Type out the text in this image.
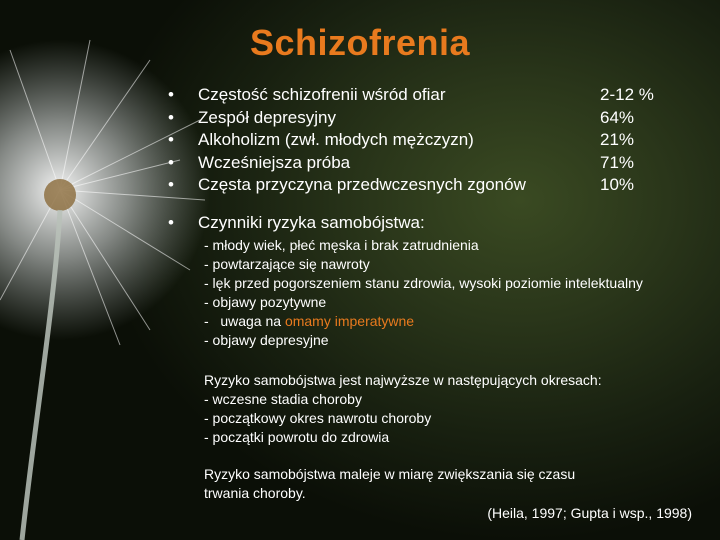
Schizofrenia
•	Częstość schizofrenii wśród ofiar	2-12 %
•	Zespół depresyjny	64%
•	Alkoholizm (zwł. młodych mężczyzn)	21%
•	Wcześniejsza próba	71%
•	Częsta przyczyna przedwczesnych zgonów	10%
• Czynniki ryzyka samobójstwa:
- młody wiek, płeć męska i brak zatrudnienia
- powtarzające się nawroty
- lęk przed pogorszeniem stanu zdrowia, wysoki poziomie intelektualny
- objawy pozytywne
-   uwaga na omamy imperatywne
- objawy depresyjne
Ryzyko samobójstwa jest najwyższe w następujących okresach:
- wczesne stadia choroby
- początkowy okres nawrotu choroby
- początki powrotu do zdrowia
Ryzyko samobójstwa maleje w miarę zwiększania się czasu
trwania choroby.
(Heila, 1997; Gupta i wsp., 1998)
